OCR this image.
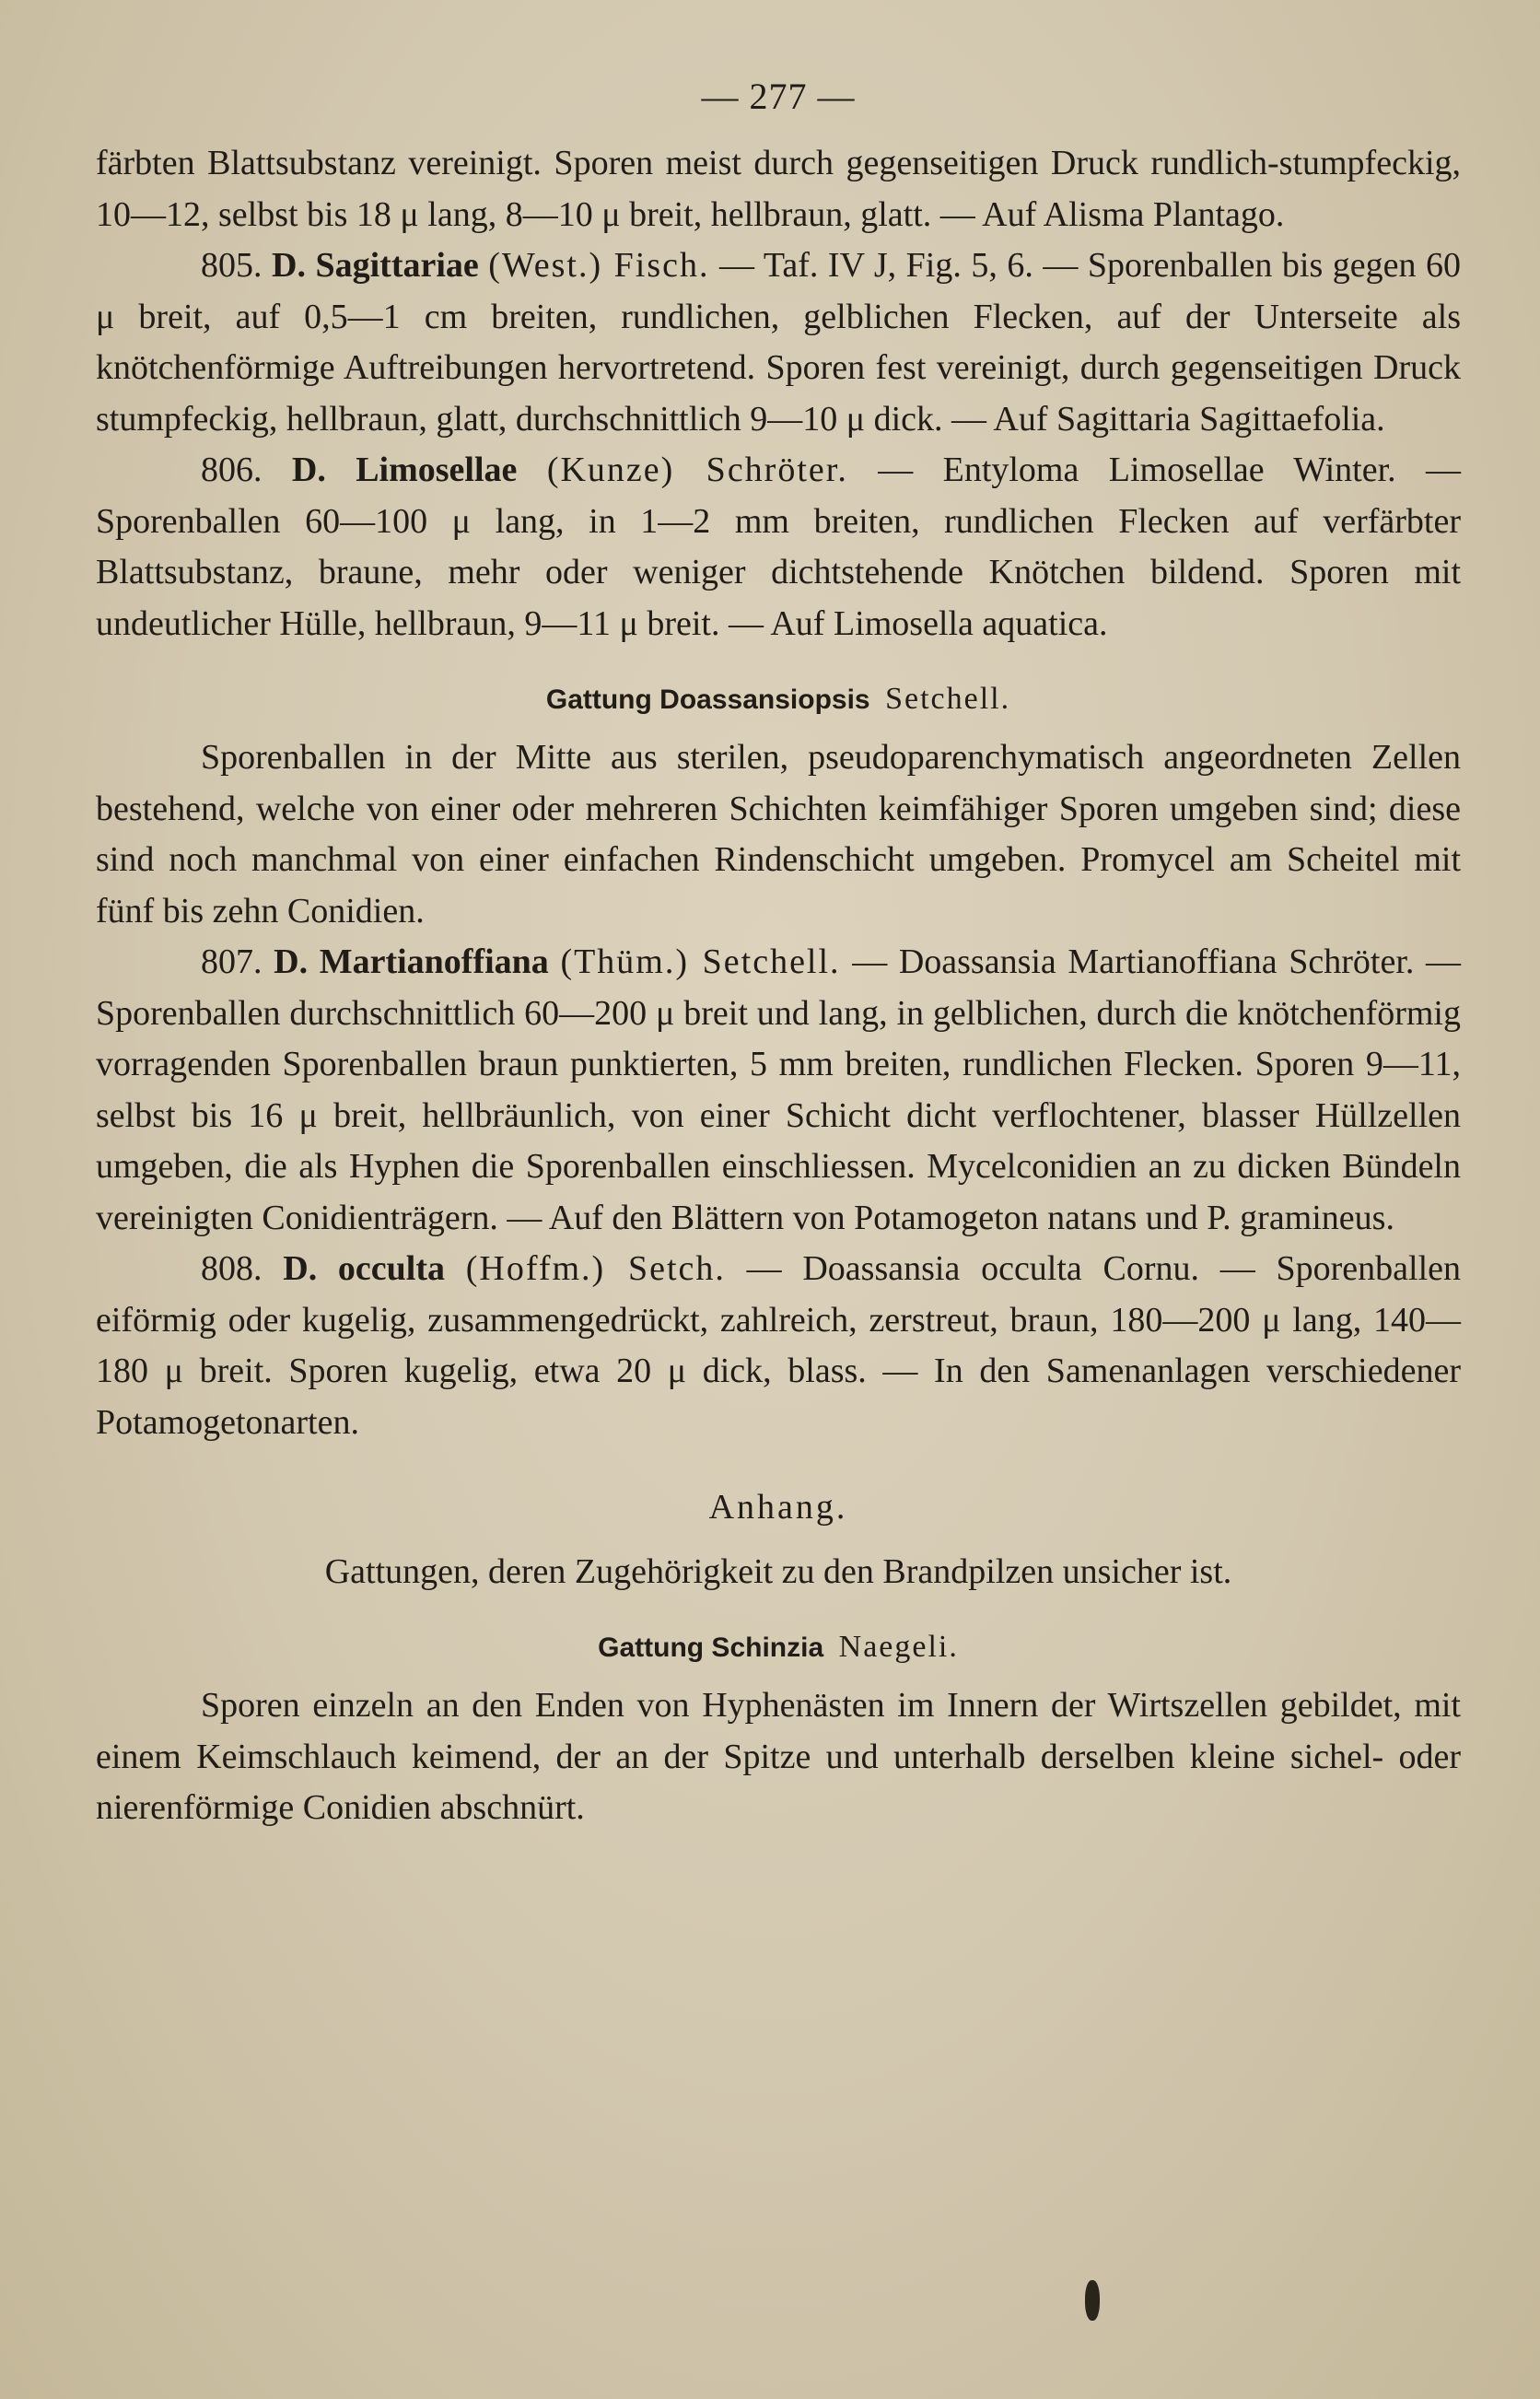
— 277 —

färbten Blattsubstanz vereinigt. Sporen meist durch gegenseitigen Druck rundlich-stumpfeckig, 10—12, selbst bis 18 μ lang, 8—10 μ breit, hellbraun, glatt. — Auf Alisma Plantago.

805. D. Sagittariae (West.) Fisch. — Taf. IV J, Fig. 5, 6. — Sporenballen bis gegen 60 μ breit, auf 0,5—1 cm breiten, rundlichen, gelblichen Flecken, auf der Unterseite als knötchenförmige Auftreibungen hervortretend. Sporen fest vereinigt, durch gegenseitigen Druck stumpfeckig, hellbraun, glatt, durchschnittlich 9—10 μ dick. — Auf Sagittaria Sagittaefolia.

806. D. Limosellae (Kunze) Schröter. — Entyloma Limosellae Winter. — Sporenballen 60—100 μ lang, in 1—2 mm breiten, rundlichen Flecken auf verfärbter Blattsubstanz, braune, mehr oder weniger dichtstehende Knötchen bildend. Sporen mit undeutlicher Hülle, hellbraun, 9—11 μ breit. — Auf Limosella aquatica.

Gattung Doassansiopsis Setchell.

Sporenballen in der Mitte aus sterilen, pseudoparenchymatisch angeordneten Zellen bestehend, welche von einer oder mehreren Schichten keimfähiger Sporen umgeben sind; diese sind noch manchmal von einer einfachen Rindenschicht umgeben. Promycel am Scheitel mit fünf bis zehn Conidien.

807. D. Martianoffiana (Thüm.) Setchell. — Doassansia Martianoffiana Schröter. — Sporenballen durchschnittlich 60—200 μ breit und lang, in gelblichen, durch die knötchenförmig vorragenden Sporenballen braun punktierten, 5 mm breiten, rundlichen Flecken. Sporen 9—11, selbst bis 16 μ breit, hellbräunlich, von einer Schicht dicht verflochtener, blasser Hüllzellen umgeben, die als Hyphen die Sporenballen einschliessen. Mycelconidien an zu dicken Bündeln vereinigten Conidienträgern. — Auf den Blättern von Potamogeton natans und P. gramineus.

808. D. occulta (Hoffm.) Setch. — Doassansia occulta Cornu. — Sporenballen eiförmig oder kugelig, zusammengedrückt, zahlreich, zerstreut, braun, 180—200 μ lang, 140—180 μ breit. Sporen kugelig, etwa 20 μ dick, blass. — In den Samenanlagen verschiedener Potamogetonarten.

Anhang.
Gattungen, deren Zugehörigkeit zu den Brandpilzen unsicher ist.
Gattung Schinzia Naegeli.

Sporen einzeln an den Enden von Hyphenästen im Innern der Wirtszellen gebildet, mit einem Keimschlauch keimend, der an der Spitze und unterhalb derselben kleine sichel- oder nierenförmige Conidien abschnürt.
